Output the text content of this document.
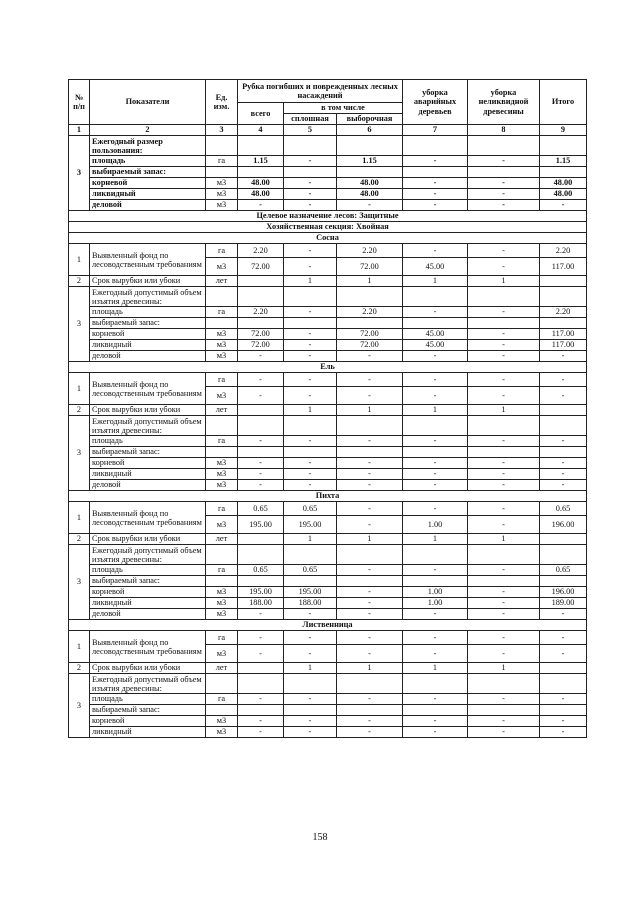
№ п/п	Показатели	Ед. изм.	Рубка погибших и поврежденных лесных насаждений			уборка аварийных деревьев	уборка неликвидной древесины	Итого
			всего	в том числе				
				сплошная	выборочная			
1	2	3	4	5	6	7	8	9
3	Ежегодный размер пользования:							
	площадь	га	1.15	-	1.15	-	-	1.15
	выбираемый запас:							
	корневой	м3	48.00	-	48.00	-	-	48.00
	ликвидный	м3	48.00	-	48.00	-	-	48.00
	деловой	м3	-	-	-	-	-	-
Целевое назначение лесов: Защитные								
Хозяйственная секция: Хвойная								
Сосна								
1	Выявленный фонд по лесоводственным требованиям	га	2.20	-	2.20	-	-	2.20
		м3	72.00	-	72.00	45.00	-	117.00
2	Срок вырубки или убоки	лет		1	1	1	1	
3	Ежегодный допустимый объем изъятия древесины:							
	площадь	га	2.20	-	2.20	-	-	2.20
	выбираемый запас:							
	корневой	м3	72.00	-	72.00	45.00	-	117.00
	ликвидный	м3	72.00	-	72.00	45.00	-	117.00
	деловой	м3	-	-	-	-	-	-
Ель								
1	Выявленный фонд по лесоводственным требованиям	га	-	-	-	-	-	-
		м3	-	-	-	-	-	-
2	Срок вырубки или убоки	лет		1	1	1	1	
3	Ежегодный допустимый объем изъятия древесины:							
	площадь	га	-	-	-	-	-	-
	выбираемый запас:							
	корневой	м3	-	-	-	-	-	-
	ликвидный	м3	-	-	-	-	-	-
	деловой	м3	-	-	-	-	-	-
Пихта								
1	Выявленный фонд по лесоводственным требованиям	га	0.65	0.65	-	-	-	0.65
		м3	195.00	195.00	-	1.00	-	196.00
2	Срок вырубки или убоки	лет		1	1	1	1	
3	Ежегодный допустимый объем изъятия древесины:							
	площадь	га	0.65	0.65	-	-	-	0.65
	выбираемый запас:							
	корневой	м3	195.00	195.00	-	1.00	-	196.00
	ликвидный	м3	188.00	188.00	-	1.00	-	189.00
	деловой	м3	-	-	-	-	-	-
Лиственница								
1	Выявленный фонд по лесоводственным требованиям	га	-	-	-	-	-	-
		м3	-	-	-	-	-	-
2	Срок вырубки или убоки	лет		1	1	1	1	
3	Ежегодный допустимый объем изъятия древесины:							
	площадь	га	-	-	-	-	-	-
	выбираемый запас:							
	корневой	м3	-	-	-	-	-	-
	ликвидный	м3	-	-	-	-	-	-
158
